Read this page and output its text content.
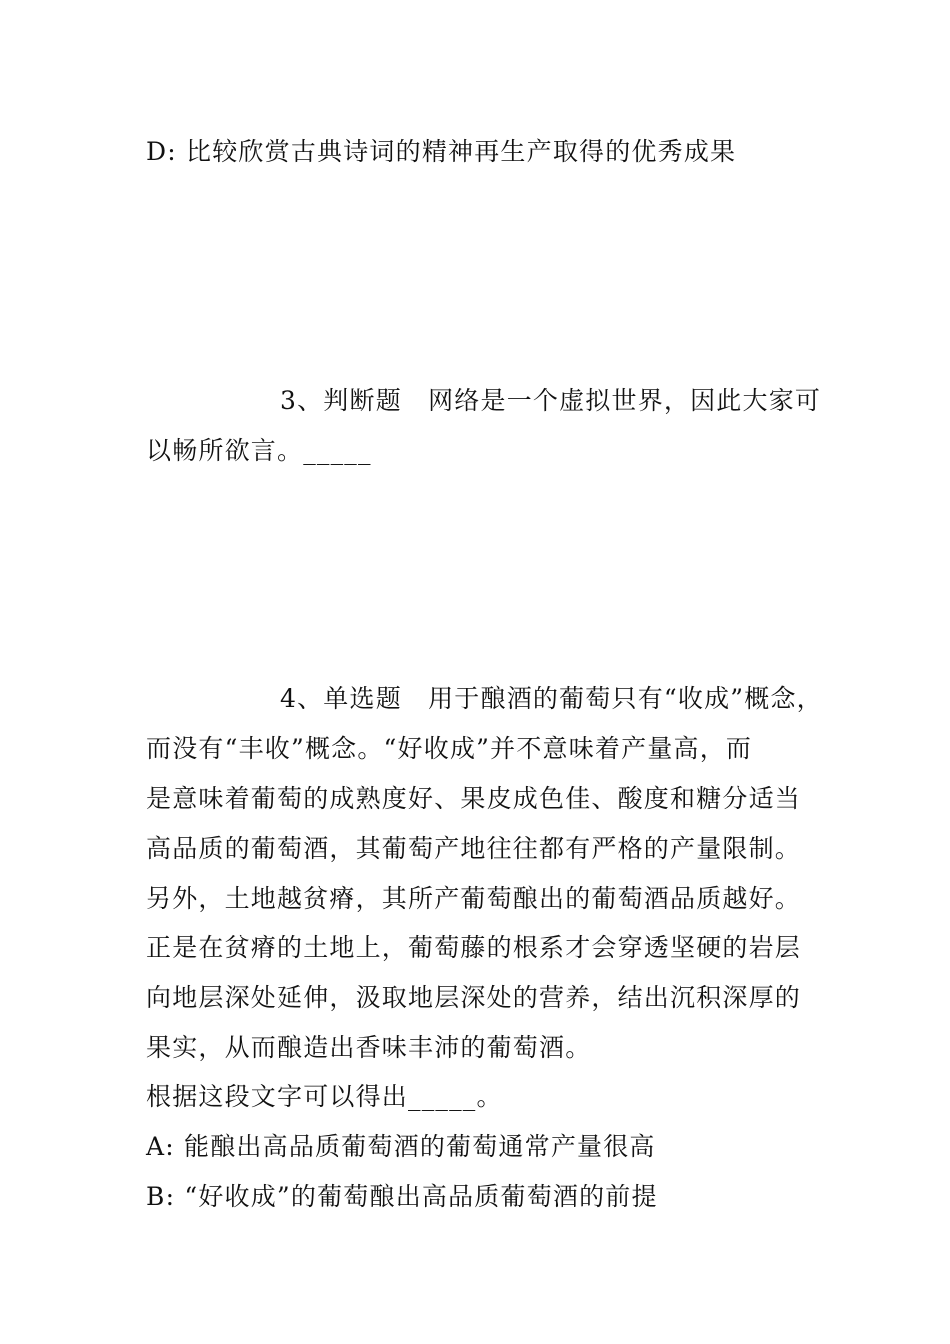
D: 比较欣赏古典诗词的精神再生产取得的优秀成果
3、判断题　网络是一个虚拟世界，因此大家可
以畅所欲言。_____
4、单选题　用于酿酒的葡萄只有“收成”概念，
而没有“丰收”概念。“好收成”并不意味着产量高，而
是意味着葡萄的成熟度好、果皮成色佳、酸度和糖分适当
高品质的葡萄酒，其葡萄产地往往都有严格的产量限制。
另外，土地越贫瘠，其所产葡萄酿出的葡萄酒品质越好。
正是在贫瘠的土地上，葡萄藤的根系才会穿透坚硬的岩层
向地层深处延伸，汲取地层深处的营养，结出沉积深厚的
果实，从而酿造出香味丰沛的葡萄酒。
根据这段文字可以得出_____。
A: 能酿出高品质葡萄酒的葡萄通常产量很高
B: “好收成”的葡萄酿出高品质葡萄酒的前提
